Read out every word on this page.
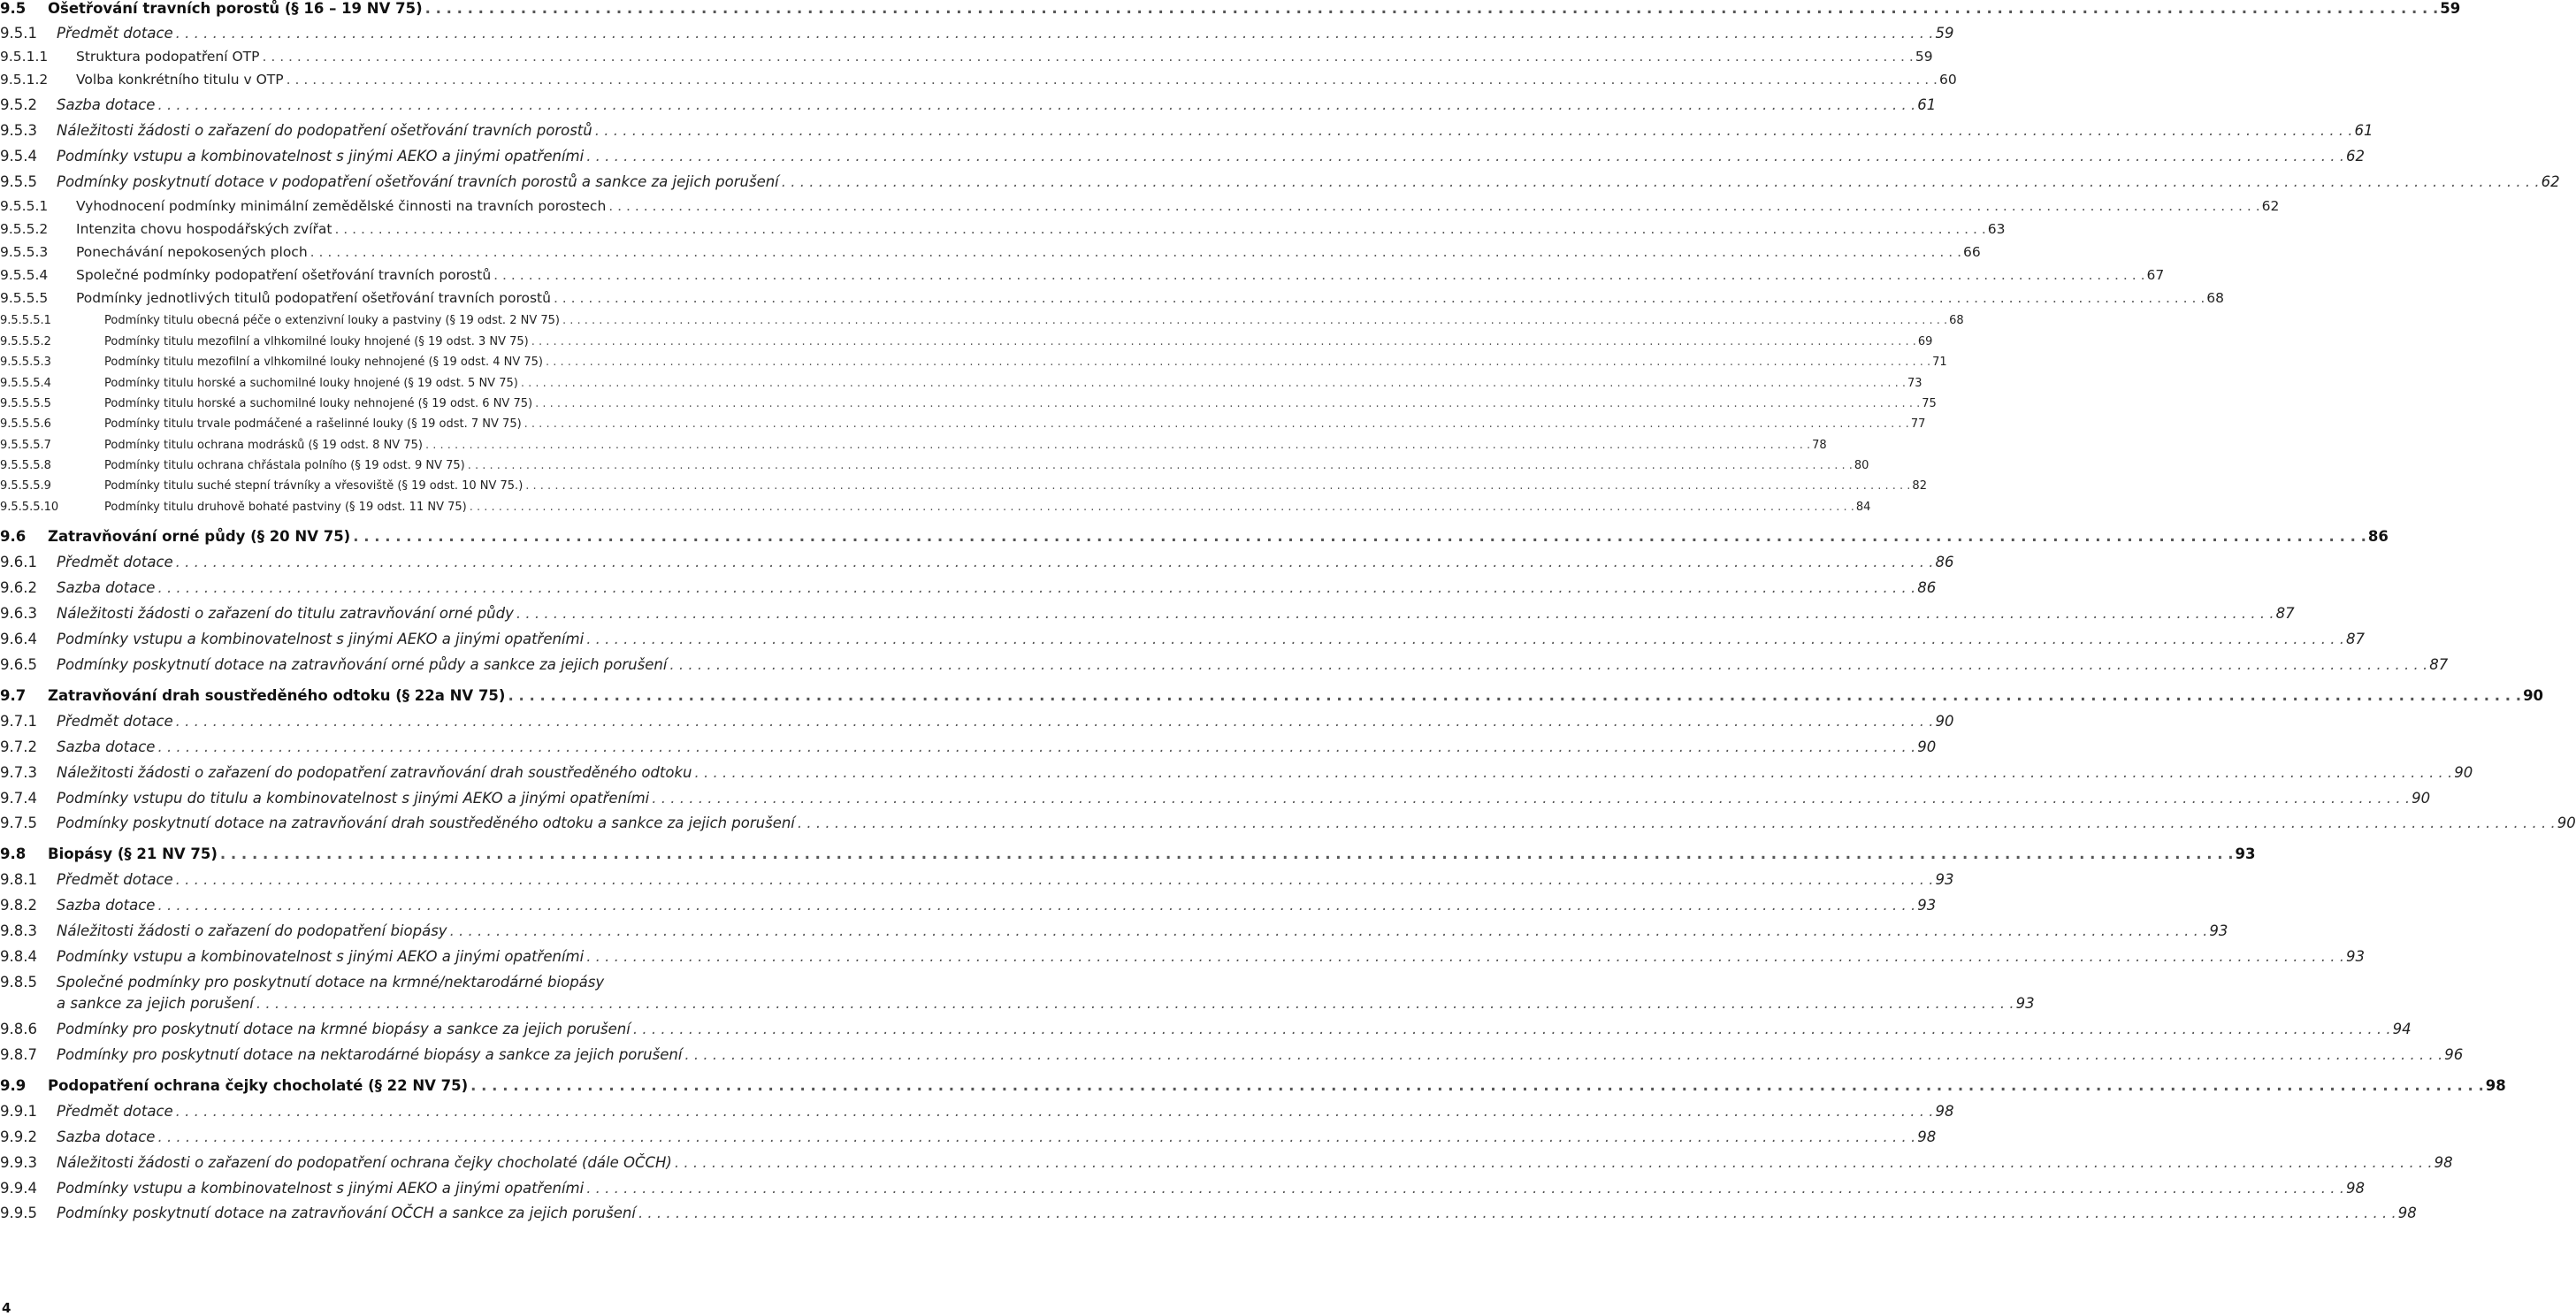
9.5	Ošetřování travních porostů (§ 16 – 19 NV 75) . . .	59
9.5.1	Předmět dotace . . .	59
9.5.1.1	Struktura podopatření OTP . . .	59
9.5.1.2	Volba konkrétního titulu v OTP . . .	60
9.5.2	Sazba dotace . . .	61
9.5.3	Náležitosti žádosti o zařazení do podopatření ošetřování travních porostů . . .	61
9.5.4	Podmínky vstupu a kombinovatelnost s jinými AEKO a jinými opatřeními . . .	62
9.5.5	Podmínky poskytnutí dotace v podopatření ošetřování travních porostů a sankce za jejich porušení . . .	62
9.5.5.1	Vyhodnocení podmínky minimální zemědělské činnosti na travních porostech . . .	62
9.5.5.2	Intenzita chovu hospodářských zvířat . . .	63
9.5.5.3	Ponechávání nepokosených ploch . . .	66
9.5.5.4	Společné podmínky podopatření ošetřování travních porostů . . .	67
9.5.5.5	Podmínky jednotlivých titulů podopatření ošetřování travních porostů . . .	68
9.5.5.5.1	Podmínky titulu obecná péče o extenzivní louky a pastviny (§ 19 odst. 2 NV 75) . . .	68
9.5.5.5.2	Podmínky titulu mezofilní a vlhkomilné louky hnojené (§ 19 odst. 3 NV 75) . . .	69
9.5.5.5.3	Podmínky titulu mezofilní a vlhkomilné louky nehnojené (§ 19 odst. 4 NV 75) . . .	71
9.5.5.5.4	Podmínky titulu horské a suchomilné louky hnojené (§ 19 odst. 5 NV 75) . . .	73
9.5.5.5.5	Podmínky titulu horské a suchomilné louky nehnojené (§ 19 odst. 6 NV 75) . . .	75
9.5.5.5.6	Podmínky titulu trvale podmáčené a rašelinné louky (§ 19 odst. 7 NV 75) . . .	77
9.5.5.5.7	Podmínky titulu ochrana modrásků (§ 19 odst. 8 NV 75) . . .	78
9.5.5.5.8	Podmínky titulu ochrana chřástala polního (§ 19 odst. 9 NV 75) . . .	80
9.5.5.5.9	Podmínky titulu suché stepní trávníky a vřesoviště (§ 19 odst. 10 NV 75.) . . .	82
9.5.5.5.10	Podmínky titulu druhově bohaté pastviny (§ 19 odst. 11 NV 75) . . .	84
9.6	Zatravňování orné půdy (§ 20 NV 75) . . .	86
9.6.1	Předmět dotace . . .	86
9.6.2	Sazba dotace . . .	86
9.6.3	Náležitosti žádosti o zařazení do titulu zatravňování orné půdy . . .	87
9.6.4	Podmínky vstupu a kombinovatelnost s jinými AEKO a jinými opatřeními . . .	87
9.6.5	Podmínky poskytnutí dotace na zatravňování orné půdy a sankce za jejich porušení . . .	87
9.7	Zatravňování drah soustředěného odtoku (§ 22a NV 75) . . .	90
9.7.1	Předmět dotace . . .	90
9.7.2	Sazba dotace . . .	90
9.7.3	Náležitosti žádosti o zařazení do podopatření zatravňování drah soustředěného odtoku . . .	90
9.7.4	Podmínky vstupu do titulu a kombinovatelnost s jinými AEKO a jinými opatřeními . . .	90
9.7.5	Podmínky poskytnutí dotace na zatravňování drah soustředěného odtoku a sankce za jejich porušení . . .	90
9.8	Biopásy (§ 21 NV 75) . . .	93
9.8.1	Předmět dotace . . .	93
9.8.2	Sazba dotace . . .	93
9.8.3	Náležitosti žádosti o zařazení do podopatření biopásy . . .	93
9.8.4	Podmínky vstupu a kombinovatelnost s jinými AEKO a jinými opatřeními . . .	93
9.8.5	Společné podmínky pro poskytnutí dotace na krmné/nektarodárné biopásy
a sankce za jejich porušení . . .	93
9.8.6	Podmínky pro poskytnutí dotace na krmné biopásy a sankce za jejich porušení . . .	94
9.8.7	Podmínky pro poskytnutí dotace na nektarodárné biopásy a sankce za jejich porušení . . .	96
9.9	Podopatření ochrana čejky chocholaté (§ 22 NV 75) . . .	98
9.9.1	Předmět dotace . . .	98
9.9.2	Sazba dotace . . .	98
9.9.3	Náležitosti žádosti o zařazení do podopatření ochrana čejky chocholaté (dále OČCH) . . .	98
9.9.4	Podmínky vstupu a kombinovatelnost s jinými AEKO a jinými opatřeními . . .	98
9.9.5	Podmínky poskytnutí dotace na zatravňování OČCH a sankce za jejich porušení . . .	98
4
